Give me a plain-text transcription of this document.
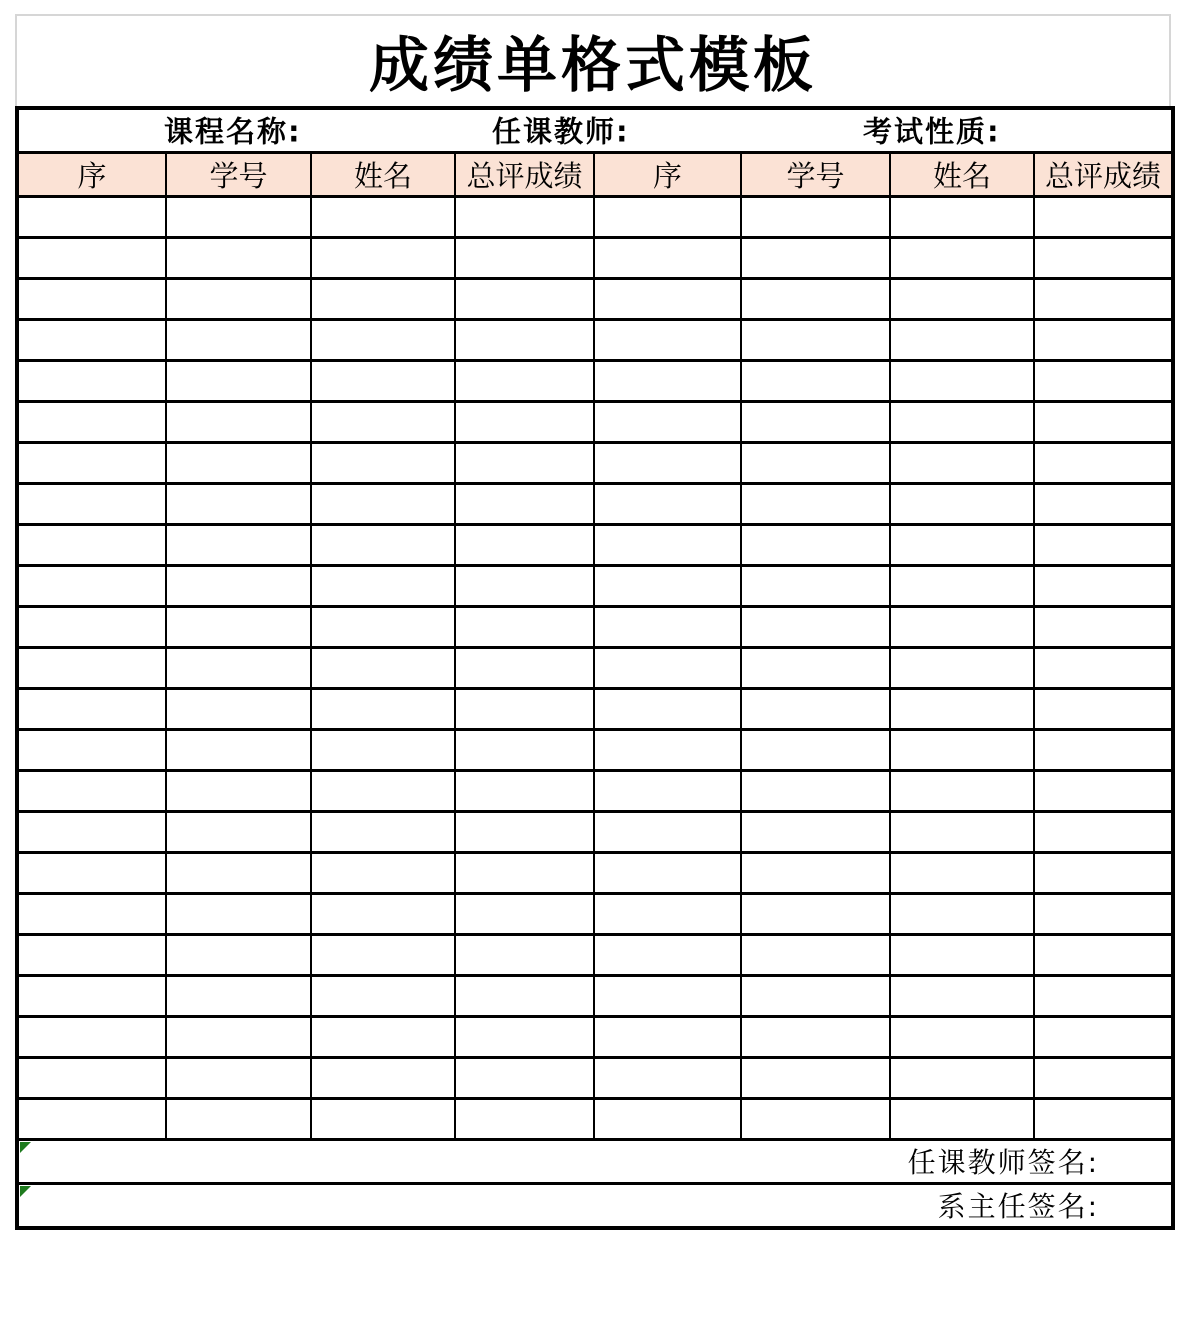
成绩单格式模板
课程名称: 任课教师: 考试性质:							

序	学号	姓名	总评成绩	序	学号	姓名	总评成绩

任课教师签名:							

系主任签名:							
